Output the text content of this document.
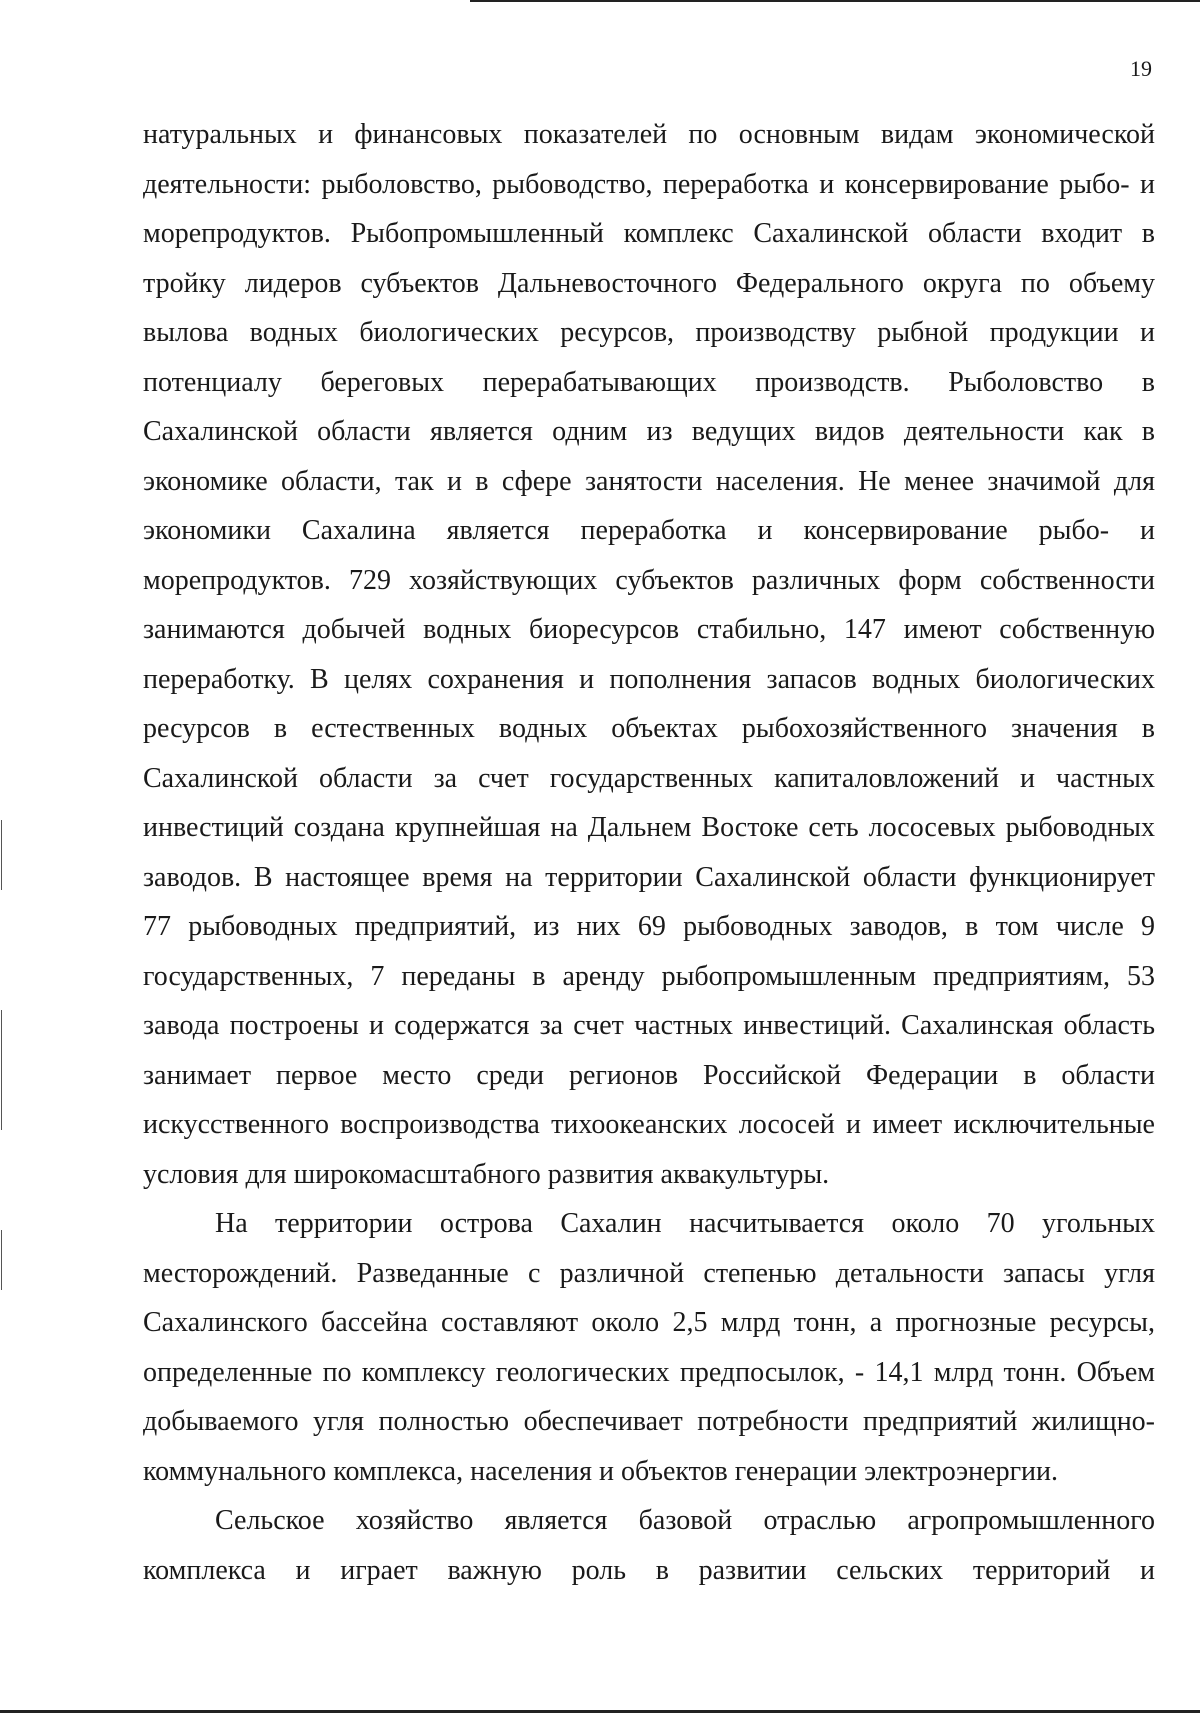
19

натуральных и финансовых показателей по основным видам экономической
деятельности: рыболовство, рыбоводство, переработка и консервирование рыбо- и
морепродуктов. Рыбопромышленный комплекс Сахалинской области входит в
тройку лидеров субъектов Дальневосточного Федерального округа по объему
вылова водных биологических ресурсов, производству рыбной продукции и
потенциалу береговых перерабатывающих производств. Рыболовство в
Сахалинской области является одним из ведущих видов деятельности как в
экономике области, так и в сфере занятости населения. Не менее значимой для
экономики Сахалина является переработка и консервирование рыбо- и
морепродуктов. 729 хозяйствующих субъектов различных форм собственности
занимаются добычей водных биоресурсов стабильно, 147 имеют собственную
переработку. В целях сохранения и пополнения запасов водных биологических
ресурсов в естественных водных объектах рыбохозяйственного значения в
Сахалинской области за счет государственных капиталовложений и частных
инвестиций создана крупнейшая на Дальнем Востоке сеть лососевых рыбоводных
заводов. В настоящее время на территории Сахалинской области функционирует
77 рыбоводных предприятий, из них 69 рыбоводных заводов, в том числе 9
государственных, 7 переданы в аренду рыбопромышленным предприятиям, 53
завода построены и содержатся за счет частных инвестиций. Сахалинская область
занимает первое место среди регионов Российской Федерации в области
искусственного воспроизводства тихоокеанских лососей и имеет исключительные
условия для широкомасштабного развития аквакультуры.

На территории острова Сахалин насчитывается около 70 угольных
месторождений. Разведанные с различной степенью детальности запасы угля
Сахалинского бассейна составляют около 2,5 млрд тонн, а прогнозные ресурсы,
определенные по комплексу геологических предпосылок, - 14,1 млрд тонн. Объем
добываемого угля полностью обеспечивает потребности предприятий жилищно-
коммунального комплекса, населения и объектов генерации электроэнергии.

Сельское хозяйство является базовой отраслью агропромышленного
комплекса и играет важную роль в развитии сельских территорий и
